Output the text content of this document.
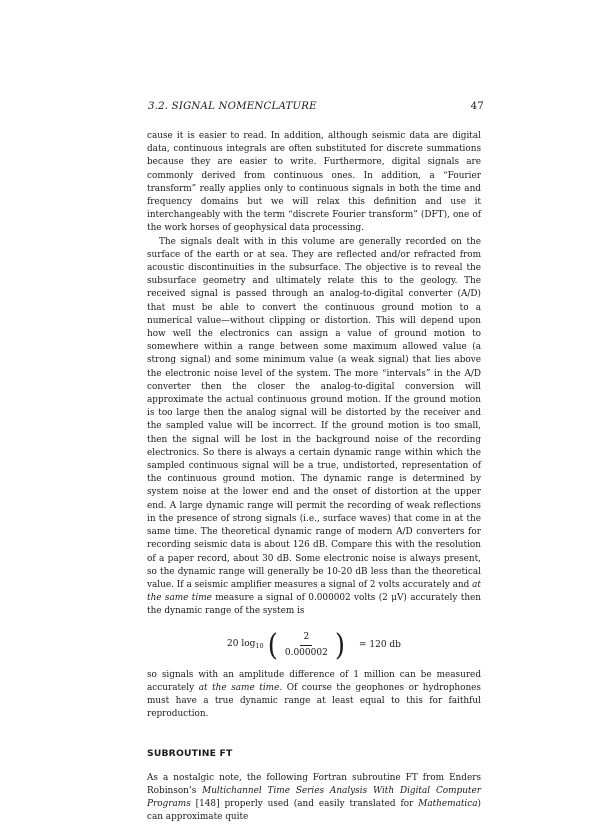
3.2. SIGNAL NOMENCLATURE	47

cause it is easier to read. In addition, although seismic data are digital data, continuous integrals are often substituted for discrete summations because they are easier to write. Furthermore, digital signals are commonly derived from continuous ones. In addition, a “Fourier transform” really applies only to continuous signals in both the time and frequency domains but we will relax this definition and use it interchangeably with the term “discrete Fourier transform” (DFT), one of the work horses of geophysical data processing.

The signals dealt with in this volume are generally recorded on the surface of the earth or at sea. They are reflected and/or refracted from acoustic discontinuities in the subsurface. The objective is to reveal the subsurface geometry and ultimately relate this to the geology. The received signal is passed through an analog-to-digital converter (A/D) that must be able to convert the continuous ground motion to a numerical value—without clipping or distortion. This will depend upon how well the electronics can assign a value of ground motion to somewhere within a range between some maximum allowed value (a strong signal) and some minimum value (a weak signal) that lies above the electronic noise level of the system. The more “intervals” in the A/D converter then the closer the analog-to-digital conversion will approximate the actual continuous ground motion. If the ground motion is too large then the analog signal will be distorted by the receiver and the sampled value will be incorrect. If the ground motion is too small, then the signal will be lost in the background noise of the recording electronics. So there is always a certain dynamic range within which the sampled continuous signal will be a true, undistorted, representation of the continuous ground motion. The dynamic range is determined by system noise at the lower end and the onset of distortion at the upper end. A large dynamic range will permit the recording of weak reflections in the presence of strong signals (i.e., surface waves) that come in at the same time. The theoretical dynamic range of modern A/D converters for recording seismic data is about 126 dB. Compare this with the resolution of a paper record, about 30 dB. Some electronic noise is always present, so the dynamic range will generally be 10-20 dB less than the theoretical value. If a seismic amplifier measures a signal of 2 volts accurately and at the same time measure a signal of 0.000002 volts (2 μV) accurately then the dynamic range of the system is

20 $\log_{10}$ ( $\frac{2}{0.000002}$ ) = 120 db

so signals with an amplitude difference of 1 million can be measured accurately at the same time. Of course the geophones or hydrophones must have a true dynamic range at least equal to this for faithful reproduction.

SUBROUTINE FT

As a nostalgic note, the following Fortran subroutine FT from Enders Robinson’s Multichannel Time Series Analysis With Digital Computer Programs [148] properly used (and easily translated for Mathematica) can approximate quite
